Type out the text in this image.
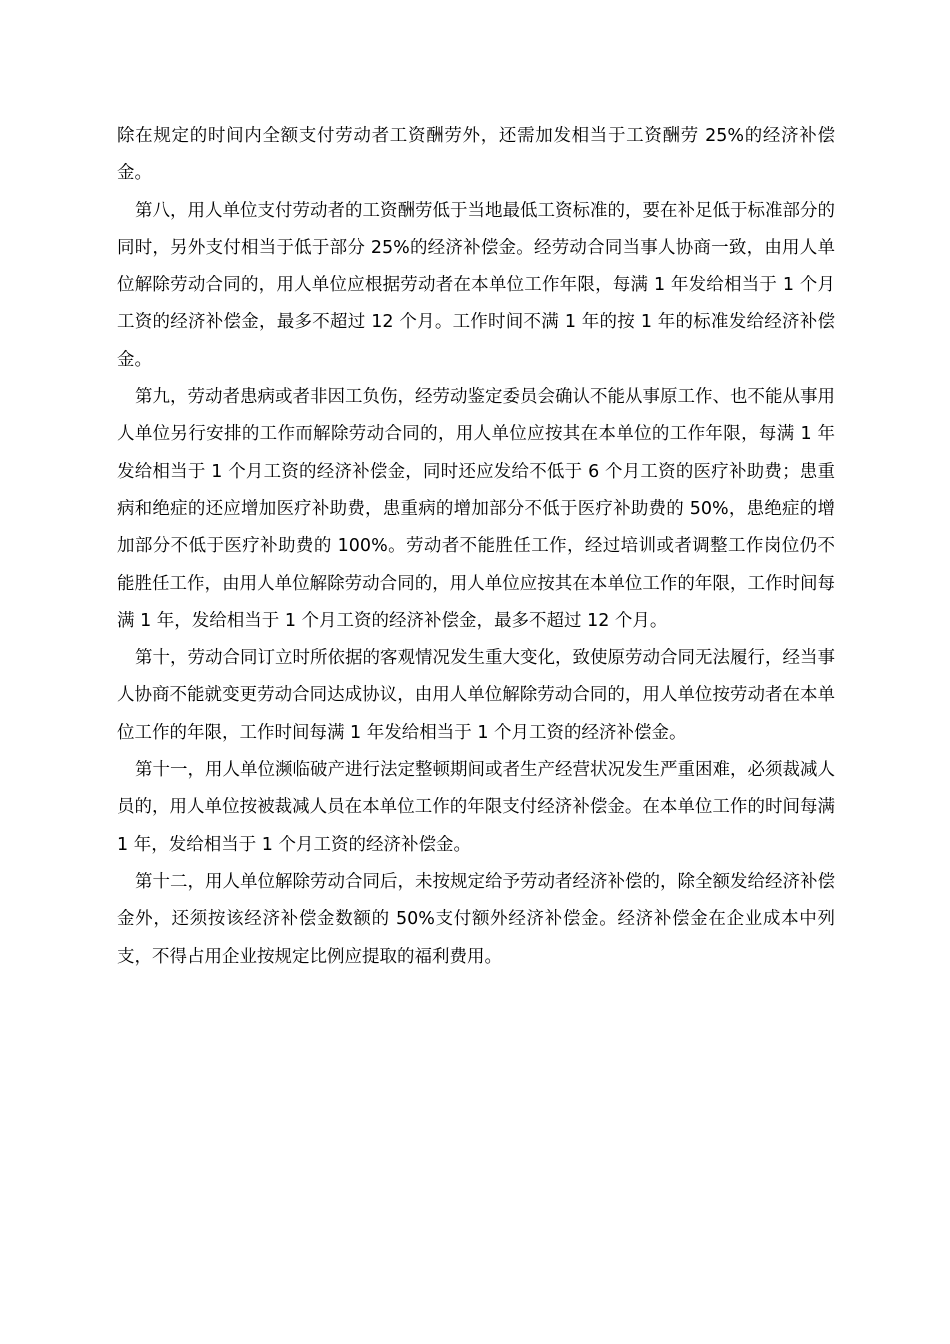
除在规定的时间内全额支付劳动者工资酬劳外，还需加发相当于工资酬劳 25%的经济补偿金。

第八，用人单位支付劳动者的工资酬劳低于当地最低工资标准的，要在补足低于标准部分的同时，另外支付相当于低于部分 25%的经济补偿金。经劳动合同当事人协商一致，由用人单位解除劳动合同的，用人单位应根据劳动者在本单位工作年限，每满 1 年发给相当于 1 个月工资的经济补偿金，最多不超过 12 个月。工作时间不满 1 年的按 1 年的标准发给经济补偿金。

第九，劳动者患病或者非因工负伤，经劳动鉴定委员会确认不能从事原工作、也不能从事用人单位另行安排的工作而解除劳动合同的，用人单位应按其在本单位的工作年限，每满 1 年发给相当于 1 个月工资的经济补偿金，同时还应发给不低于 6 个月工资的医疗补助费；患重病和绝症的还应增加医疗补助费，患重病的增加部分不低于医疗补助费的 50%，患绝症的增加部分不低于医疗补助费的 100%。劳动者不能胜任工作，经过培训或者调整工作岗位仍不能胜任工作，由用人单位解除劳动合同的，用人单位应按其在本单位工作的年限，工作时间每满 1 年，发给相当于 1 个月工资的经济补偿金，最多不超过 12 个月。

第十，劳动合同订立时所依据的客观情况发生重大变化，致使原劳动合同无法履行，经当事人协商不能就变更劳动合同达成协议，由用人单位解除劳动合同的，用人单位按劳动者在本单位工作的年限，工作时间每满 1 年发给相当于 1 个月工资的经济补偿金。

第十一，用人单位濒临破产进行法定整顿期间或者生产经营状况发生严重困难，必须裁减人员的，用人单位按被裁减人员在本单位工作的年限支付经济补偿金。在本单位工作的时间每满 1 年，发给相当于 1 个月工资的经济补偿金。

第十二，用人单位解除劳动合同后，未按规定给予劳动者经济补偿的，除全额发给经济补偿金外，还须按该经济补偿金数额的 50%支付额外经济补偿金。经济补偿金在企业成本中列支，不得占用企业按规定比例应提取的福利费用。
